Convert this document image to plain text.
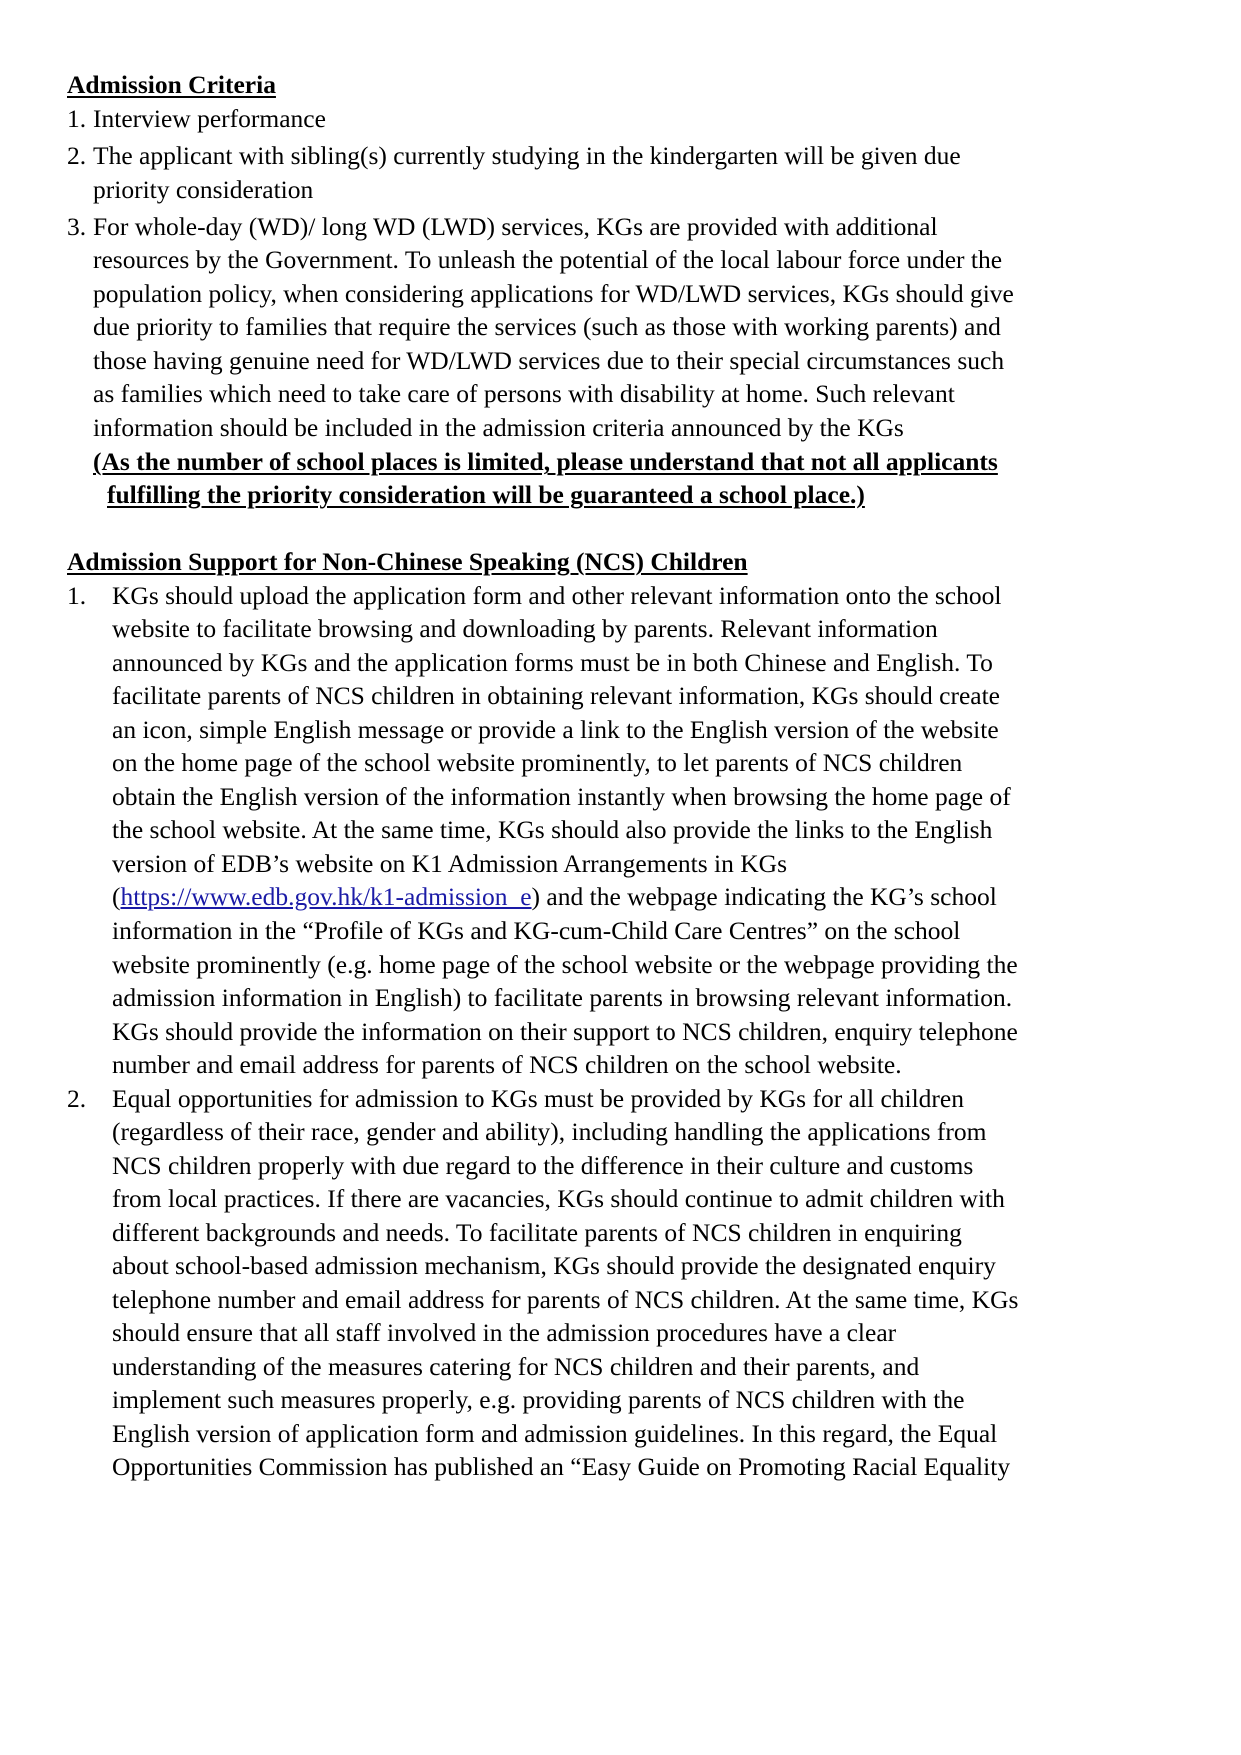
Admission Criteria
1. Interview performance
2. The applicant with sibling(s) currently studying in the kindergarten will be given due
priority consideration
3. For whole-day (WD)/ long WD (LWD) services, KGs are provided with additional
resources by the Government. To unleash the potential of the local labour force under the
population policy, when considering applications for WD/LWD services, KGs should give
due priority to families that require the services (such as those with working parents) and
those having genuine need for WD/LWD services due to their special circumstances such
as families which need to take care of persons with disability at home. Such relevant
information should be included in the admission criteria announced by the KGs
(As the number of school places is limited, please understand that not all applicants
fulfilling the priority consideration will be guaranteed a school place.)
Admission Support for Non-Chinese Speaking (NCS) Children
1. KGs should upload the application form and other relevant information onto the school
website to facilitate browsing and downloading by parents. Relevant information
announced by KGs and the application forms must be in both Chinese and English. To
facilitate parents of NCS children in obtaining relevant information, KGs should create
an icon, simple English message or provide a link to the English version of the website
on the home page of the school website prominently, to let parents of NCS children
obtain the English version of the information instantly when browsing the home page of
the school website. At the same time, KGs should also provide the links to the English
version of EDB’s website on K1 Admission Arrangements in KGs
(https://www.edb.gov.hk/k1-admission_e) and the webpage indicating the KG’s school
information in the “Profile of KGs and KG-cum-Child Care Centres” on the school
website prominently (e.g. home page of the school website or the webpage providing the
admission information in English) to facilitate parents in browsing relevant information.
KGs should provide the information on their support to NCS children, enquiry telephone
number and email address for parents of NCS children on the school website.
2. Equal opportunities for admission to KGs must be provided by KGs for all children
(regardless of their race, gender and ability), including handling the applications from
NCS children properly with due regard to the difference in their culture and customs
from local practices. If there are vacancies, KGs should continue to admit children with
different backgrounds and needs. To facilitate parents of NCS children in enquiring
about school-based admission mechanism, KGs should provide the designated enquiry
telephone number and email address for parents of NCS children. At the same time, KGs
should ensure that all staff involved in the admission procedures have a clear
understanding of the measures catering for NCS children and their parents, and
implement such measures properly, e.g. providing parents of NCS children with the
English version of application form and admission guidelines. In this regard, the Equal
Opportunities Commission has published an “Easy Guide on Promoting Racial Equality
